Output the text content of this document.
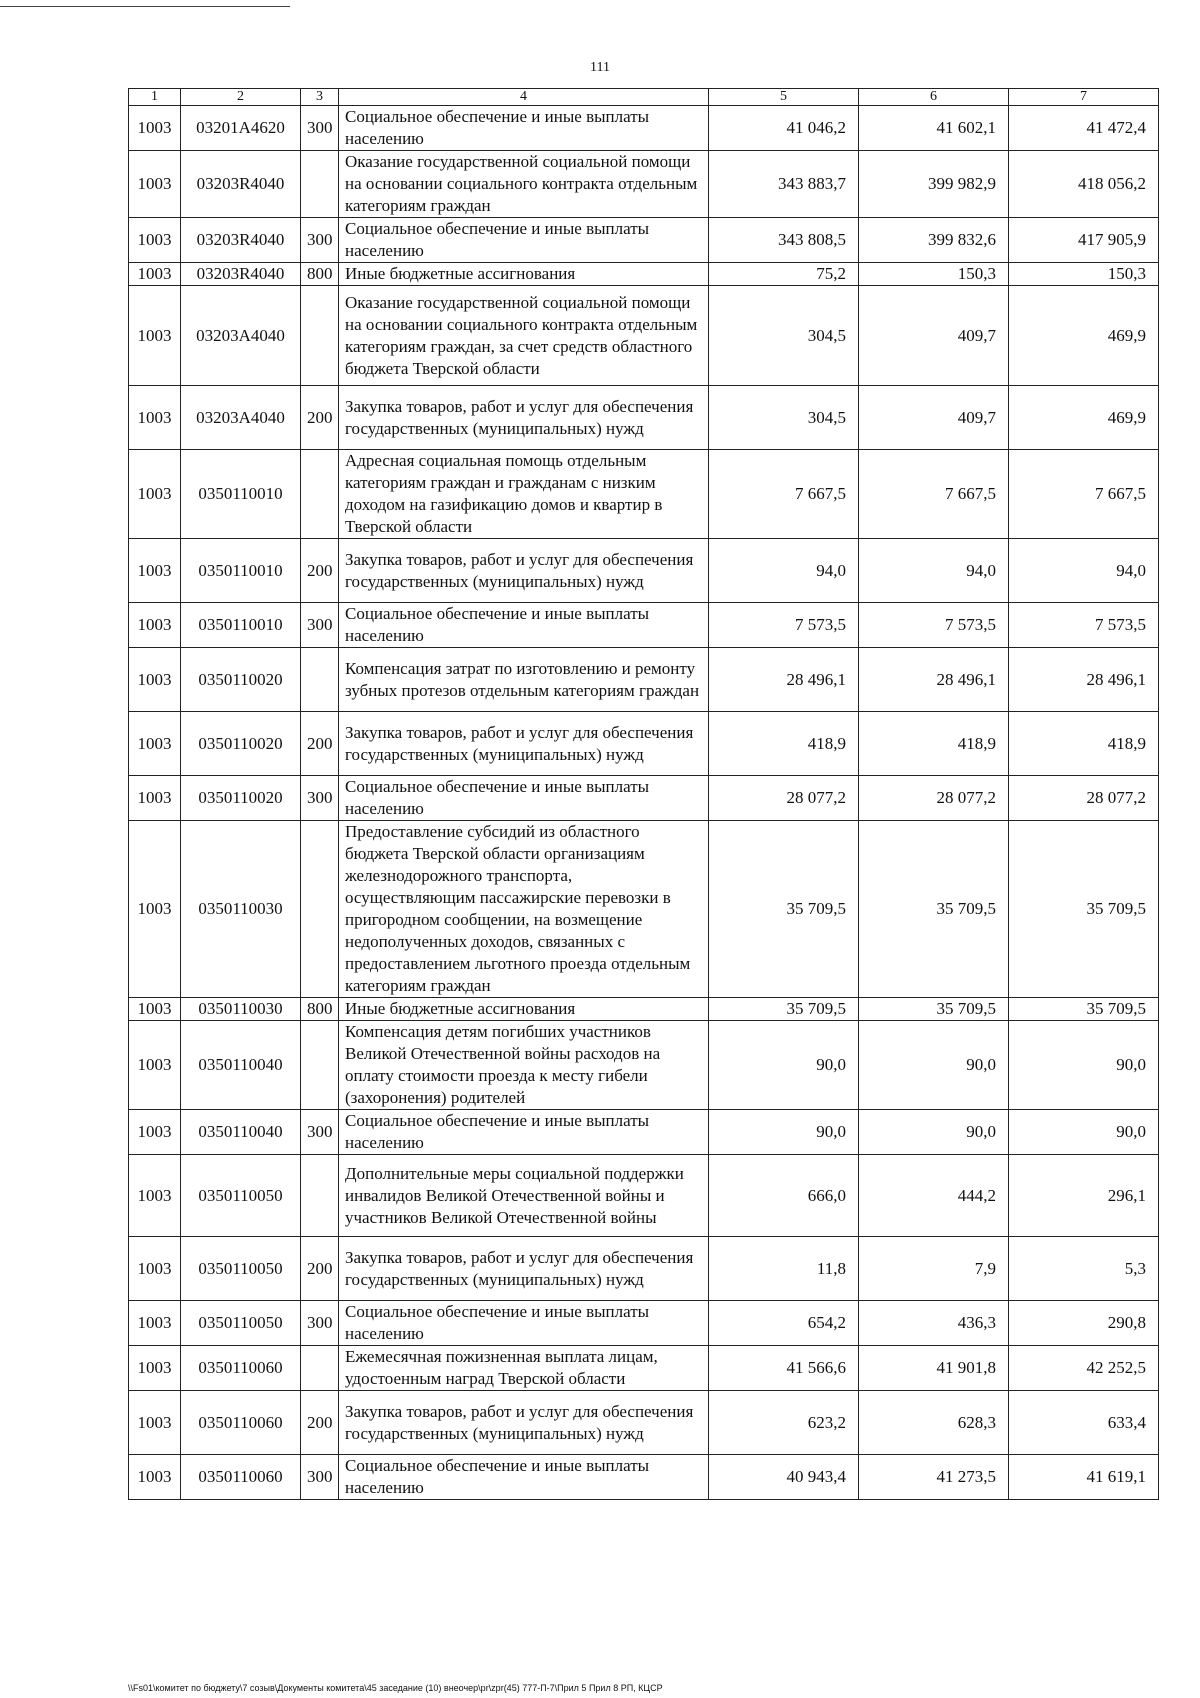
111
1	2	3	4	5	6	7
1003	03201A4620	300	Социальное обеспечение и иные выплаты населению	41 046,2	41 602,1	41 472,4
1003	03203R4040		Оказание государственной социальной помощи на основании социального контракта отдельным категориям граждан	343 883,7	399 982,9	418 056,2
1003	03203R4040	300	Социальное обеспечение и иные выплаты населению	343 808,5	399 832,6	417 905,9
1003	03203R4040	800	Иные бюджетные ассигнования	75,2	150,3	150,3
1003	03203A4040		Оказание государственной социальной помощи на основании социального контракта отдельным категориям граждан, за счет средств областного бюджета Тверской области	304,5	409,7	469,9
1003	03203A4040	200	Закупка товаров, работ и услуг для обеспечения государственных (муниципальных) нужд	304,5	409,7	469,9
1003	0350110010		Адресная социальная помощь отдельным категориям граждан и гражданам с низким доходом на газификацию домов и квартир в Тверской области	7 667,5	7 667,5	7 667,5
1003	0350110010	200	Закупка товаров, работ и услуг для обеспечения государственных (муниципальных) нужд	94,0	94,0	94,0
1003	0350110010	300	Социальное обеспечение и иные выплаты населению	7 573,5	7 573,5	7 573,5
1003	0350110020		Компенсация затрат по изготовлению и ремонту зубных протезов отдельным категориям граждан	28 496,1	28 496,1	28 496,1
1003	0350110020	200	Закупка товаров, работ и услуг для обеспечения государственных (муниципальных) нужд	418,9	418,9	418,9
1003	0350110020	300	Социальное обеспечение и иные выплаты населению	28 077,2	28 077,2	28 077,2
1003	0350110030		Предоставление субсидий из областного бюджета Тверской области организациям железнодорожного транспорта, осуществляющим пассажирские перевозки в пригородном сообщении, на возмещение недополученных доходов, связанных с предоставлением льготного проезда отдельным категориям граждан	35 709,5	35 709,5	35 709,5
1003	0350110030	800	Иные бюджетные ассигнования	35 709,5	35 709,5	35 709,5
1003	0350110040		Компенсация детям погибших участников Великой Отечественной войны расходов на оплату стоимости проезда к месту гибели (захоронения) родителей	90,0	90,0	90,0
1003	0350110040	300	Социальное обеспечение и иные выплаты населению	90,0	90,0	90,0
1003	0350110050		Дополнительные меры социальной поддержки инвалидов Великой Отечественной войны и участников Великой Отечественной войны	666,0	444,2	296,1
1003	0350110050	200	Закупка товаров, работ и услуг для обеспечения государственных (муниципальных) нужд	11,8	7,9	5,3
1003	0350110050	300	Социальное обеспечение и иные выплаты населению	654,2	436,3	290,8
1003	0350110060		Ежемесячная пожизненная выплата лицам, удостоенным наград Тверской области	41 566,6	41 901,8	42 252,5
1003	0350110060	200	Закупка товаров, работ и услуг для обеспечения государственных (муниципальных) нужд	623,2	628,3	633,4
1003	0350110060	300	Социальное обеспечение и иные выплаты населению	40 943,4	41 273,5	41 619,1
\\Fs01\комитет по бюджету\7 созыв\Документы комитета\45 заседание (10) внеочер\pr\zpr(45) 777-П-7\Прил 5 Прил 8 РП, КЦСР
